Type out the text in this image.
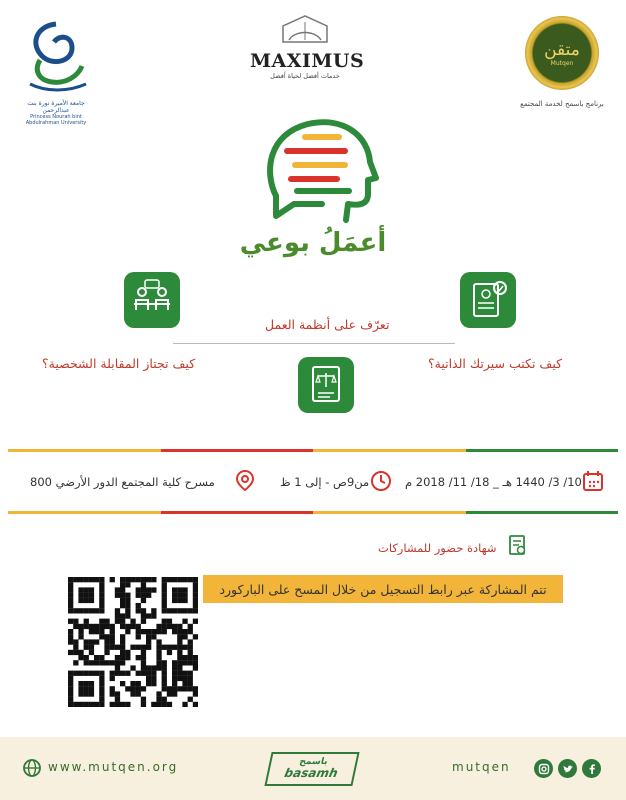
جامعة الأميرة نورة بنت عبدالرحمن
Princess Nourah bint Abdulrahman University
MAXIMUS
خدمات أفضل لحياة أفضل
متقن
Mutqen
برنامج باسمح لخدمة المجتمع
أعمَلُ بوعي
تعرّف على أنظمة العمل
كيف تكتب سيرتك الذاتية؟
كيف تجتاز المقابلة الشخصية؟
10/ 3/ 1440 هـ _ 18/ 11/ 2018 م
من9ص - إلى 1 ظ
مسرح كلية المجتمع الدور الأرضي 800
شهادة حضور للمشاركات
تتم المشاركة عبر رابط التسجيل من خلال المسح على الباركورد
www.mutqen.org	باسمح
basamh	mutqen
